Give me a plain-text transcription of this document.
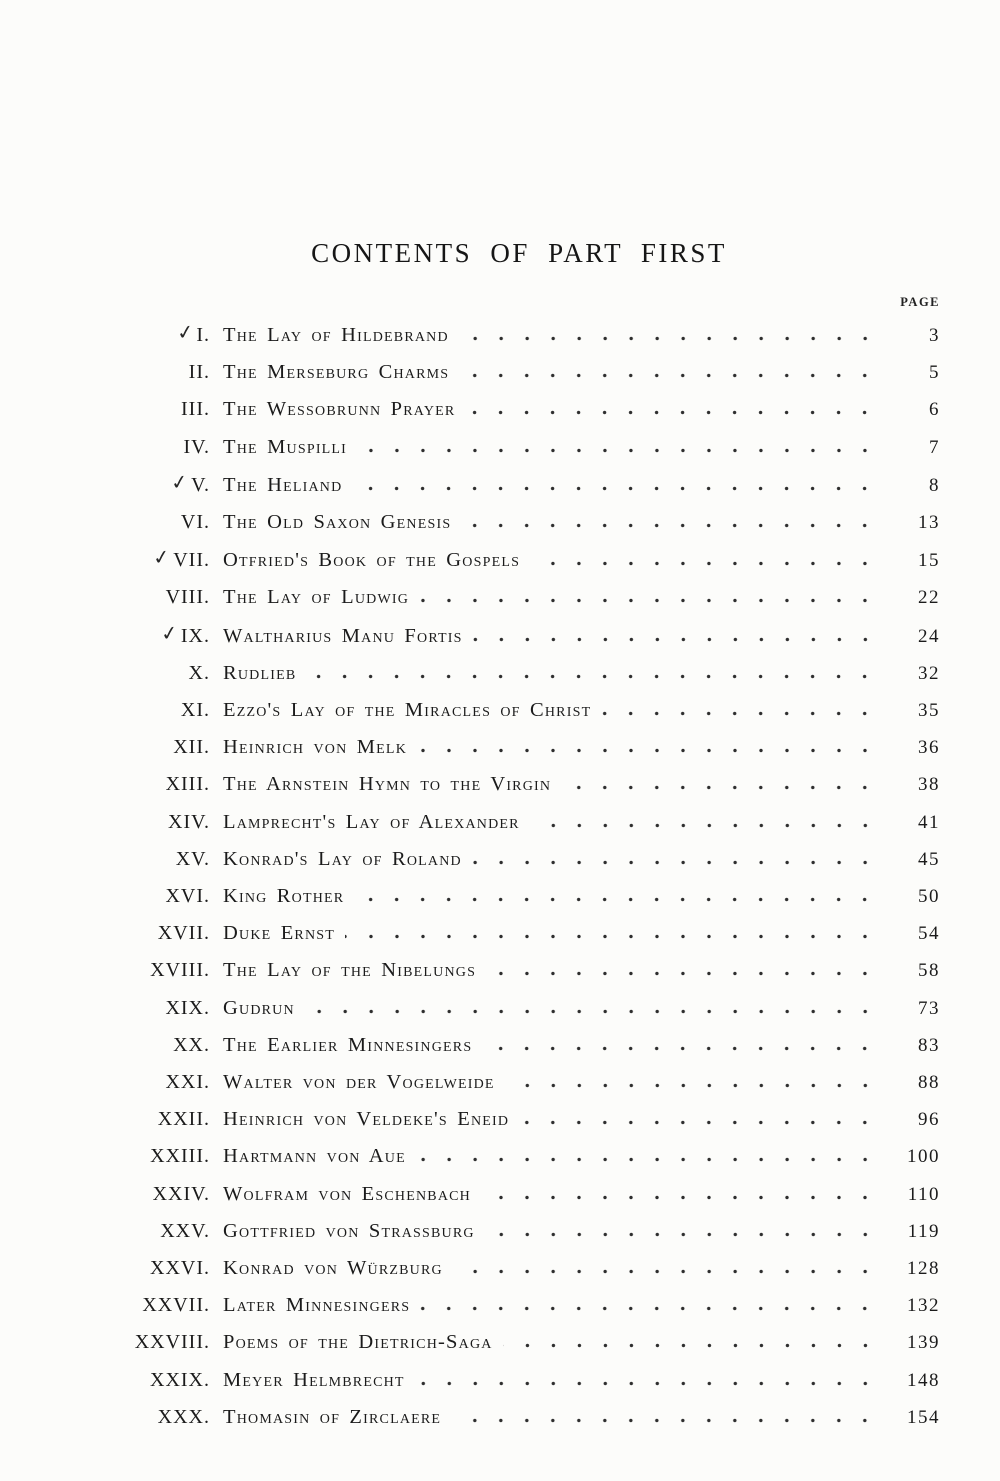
CONTENTS OF PART FIRST
PAGE
✓I. The Lay of Hildebrand	3
II. The Merseburg Charms	5
III. The Wessobrunn Prayer	6
IV. The Muspilli	7
✓V. The Heliand	8
VI. The Old Saxon Genesis	13
✓VII. Otfried's Book of the Gospels	15
VIII. The Lay of Ludwig	22
✓IX. Waltharius Manu Fortis	24
X. Rudlieb	32
XI. Ezzo's Lay of the Miracles of Christ	35
XII. Heinrich von Melk	36
XIII. The Arnstein Hymn to the Virgin	38
XIV. Lamprecht's Lay of Alexander	41
XV. Konrad's Lay of Roland	45
XVI. King Rother	50
XVII. Duke Ernst	54
XVIII. The Lay of the Nibelungs	58
XIX. Gudrun	73
XX. The Earlier Minnesingers	83
XXI. Walter von der Vogelweide	88
XXII. Heinrich von Veldeke's Eneid	96
XXIII. Hartmann von Aue	100
XXIV. Wolfram von Eschenbach	110
XXV. Gottfried von Strassburg	119
XXVI. Konrad von Würzburg	128
XXVII. Later Minnesingers	132
XXVIII. Poems of the Dietrich-Saga	139
XXIX. Meyer Helmbrecht	148
XXX. Thomasin of Zirclaere	154
